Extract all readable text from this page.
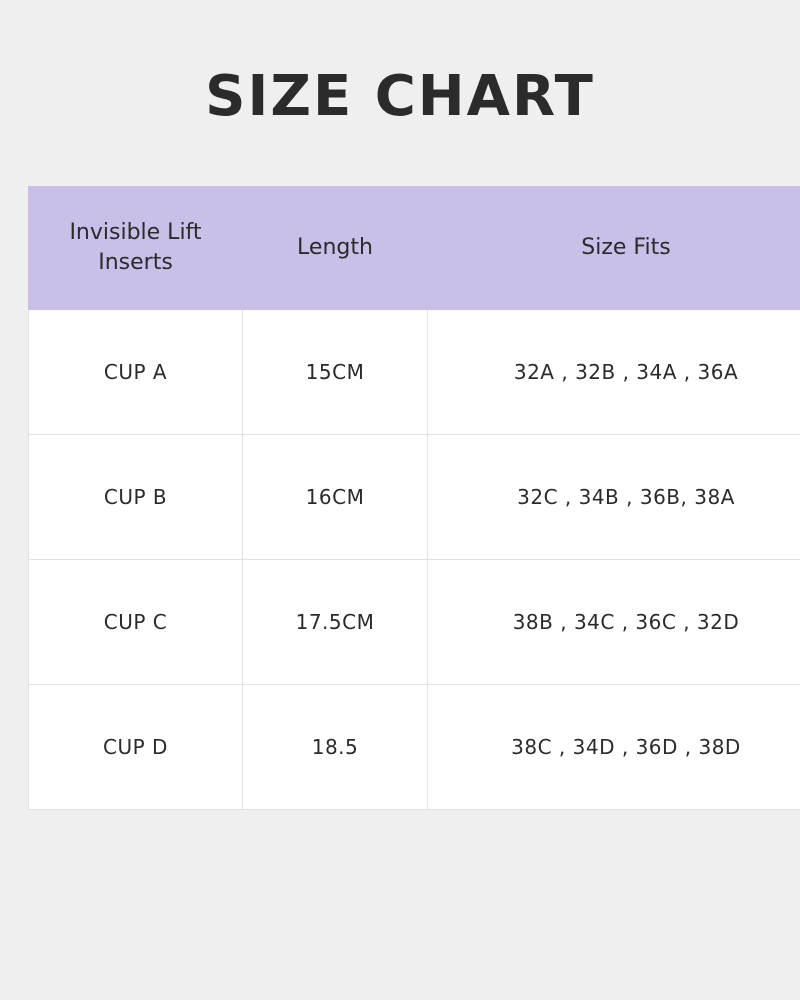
SIZE CHART
Invisible Lift Inserts	Length	Size Fits
CUP A	15CM	32A , 32B , 34A , 36A
CUP B	16CM	32C , 34B , 36B, 38A
CUP C	17.5CM	38B , 34C , 36C , 32D
CUP D	18.5	38C , 34D , 36D , 38D
